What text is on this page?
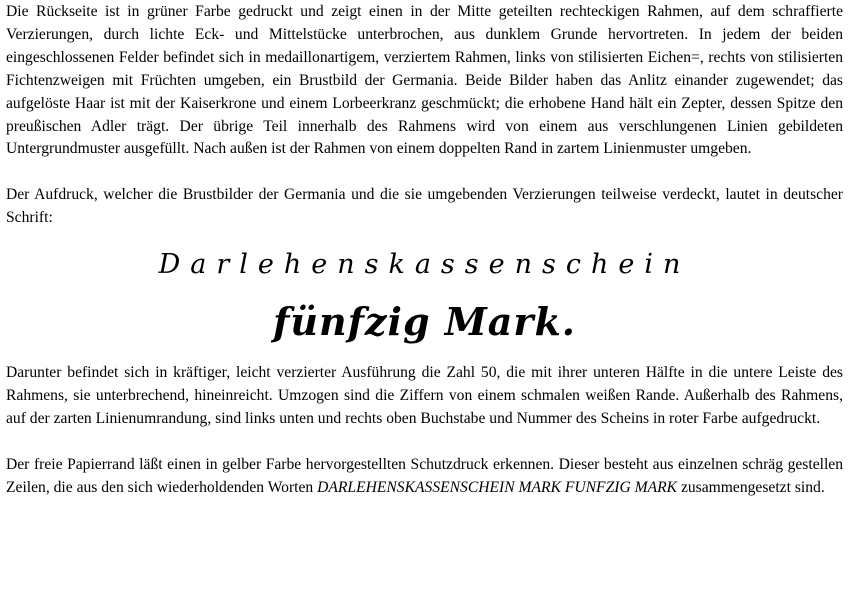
Die Rückseite ist in grüner Farbe gedruckt und zeigt einen in der Mitte geteilten rechteckigen Rahmen, auf dem schraffierte Verzierungen, durch lichte Eck- und Mittelstücke unterbrochen, aus dunklem Grunde hervortreten. In jedem der beiden eingeschlossenen Felder befindet sich in medaillonartigem, verziertem Rahmen, links von stilisierten Eichen=, rechts von stilisierten Fichtenzweigen mit Früchten umgeben, ein Brustbild der Germania. Beide Bilder haben das Anlitz einander zugewendet; das aufgelöste Haar ist mit der Kaiserkrone und einem Lorbeerkranz geschmückt; die erhobene Hand hält ein Zepter, dessen Spitze den preußischen Adler trägt. Der übrige Teil innerhalb des Rahmens wird von einem aus verschlungenen Linien gebildeten Untergrundmuster ausgefüllt. Nach außen ist der Rahmen von einem doppelten Rand in zartem Linienmuster umgeben.

Der Aufdruck, welcher die Brustbilder der Germania und die sie umgebenden Verzierungen teilweise verdeckt, lautet in deutscher Schrift:

Darlehenskassenschein
fünfzig Mark.

Darunter befindet sich in kräftiger, leicht verzierter Ausführung die Zahl 50, die mit ihrer unteren Hälfte in die untere Leiste des Rahmens, sie unterbrechend, hineinreicht. Umzogen sind die Ziffern von einem schmalen weißen Rande. Außerhalb des Rahmens, auf der zarten Linienumrandung, sind links unten und rechts oben Buchstabe und Nummer des Scheins in roter Farbe aufgedruckt.

Der freie Papierrand läßt einen in gelber Farbe hervorgestellten Schutzdruck erkennen. Dieser besteht aus einzelnen schräg gestellen Zeilen, die aus den sich wiederholdenden Worten DARLEHENSKASSENSCHEIN MARK FUNFZIG MARK zusammengesetzt sind.
